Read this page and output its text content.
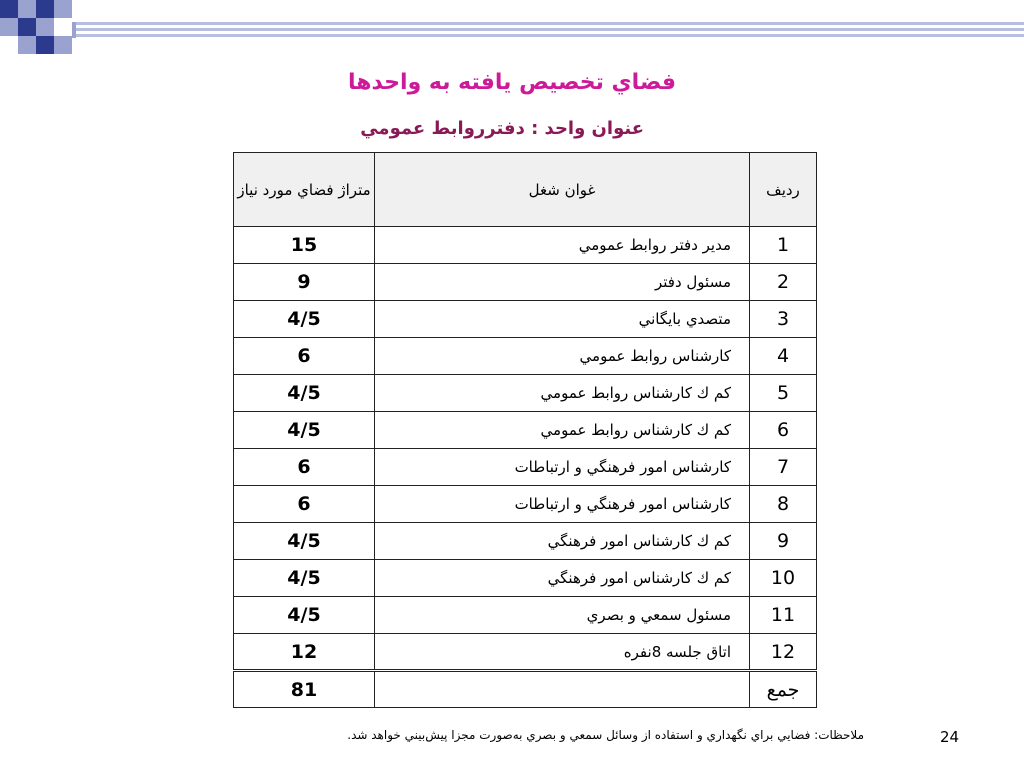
فضاي تخصيص يافته به واحدها
عنوان واحد : دفترروابط عمومي
رديف	غوان شغل	متراژ فضاي مورد نياز
1	مدير دفتر روابط عمومي	15
2	مسئول دفتر	9
3	متصدي بايگاني	4/5
4	كارشناس روابط عمومي	6
5	كم ك كارشناس روابط عمومي	4/5
6	كم ك كارشناس روابط عمومي	4/5
7	كارشناس امور فرهنگي و ارتباطات	6
8	كارشناس امور فرهنگي و ارتباطات	6
9	كم ك كارشناس امور فرهنگي	4/5
10	كم ك كارشناس امور فرهنگي	4/5
11	مسئول سمعي و بصري	4/5
12	اتاق جلسه 8نفره	12
جمع		81
ملاحظات: فضايي براي نگهداري و استفاده از وسائل سمعي و بصري به‌صورت مجزا پيش‌بيني خواهد شد.	24
